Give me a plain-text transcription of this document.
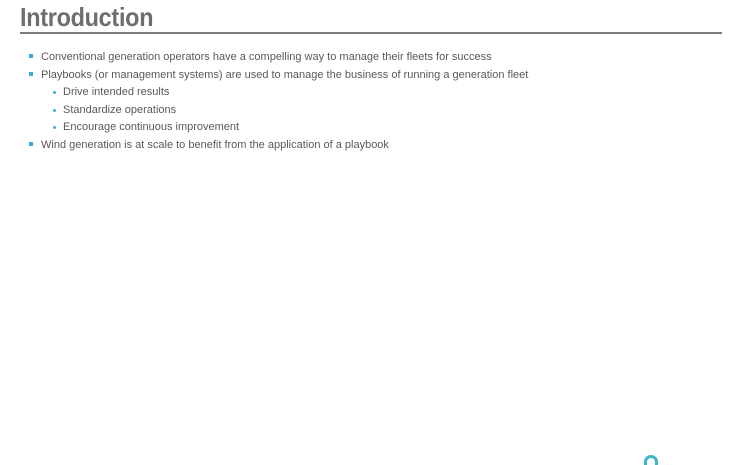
Introduction
Conventional generation operators have a compelling way to manage their fleets for success
Playbooks (or management systems) are used to manage the business of running a generation fleet
Drive intended results
Standardize operations
Encourage continuous improvement
Wind generation is at scale to benefit from the application of a playbook
